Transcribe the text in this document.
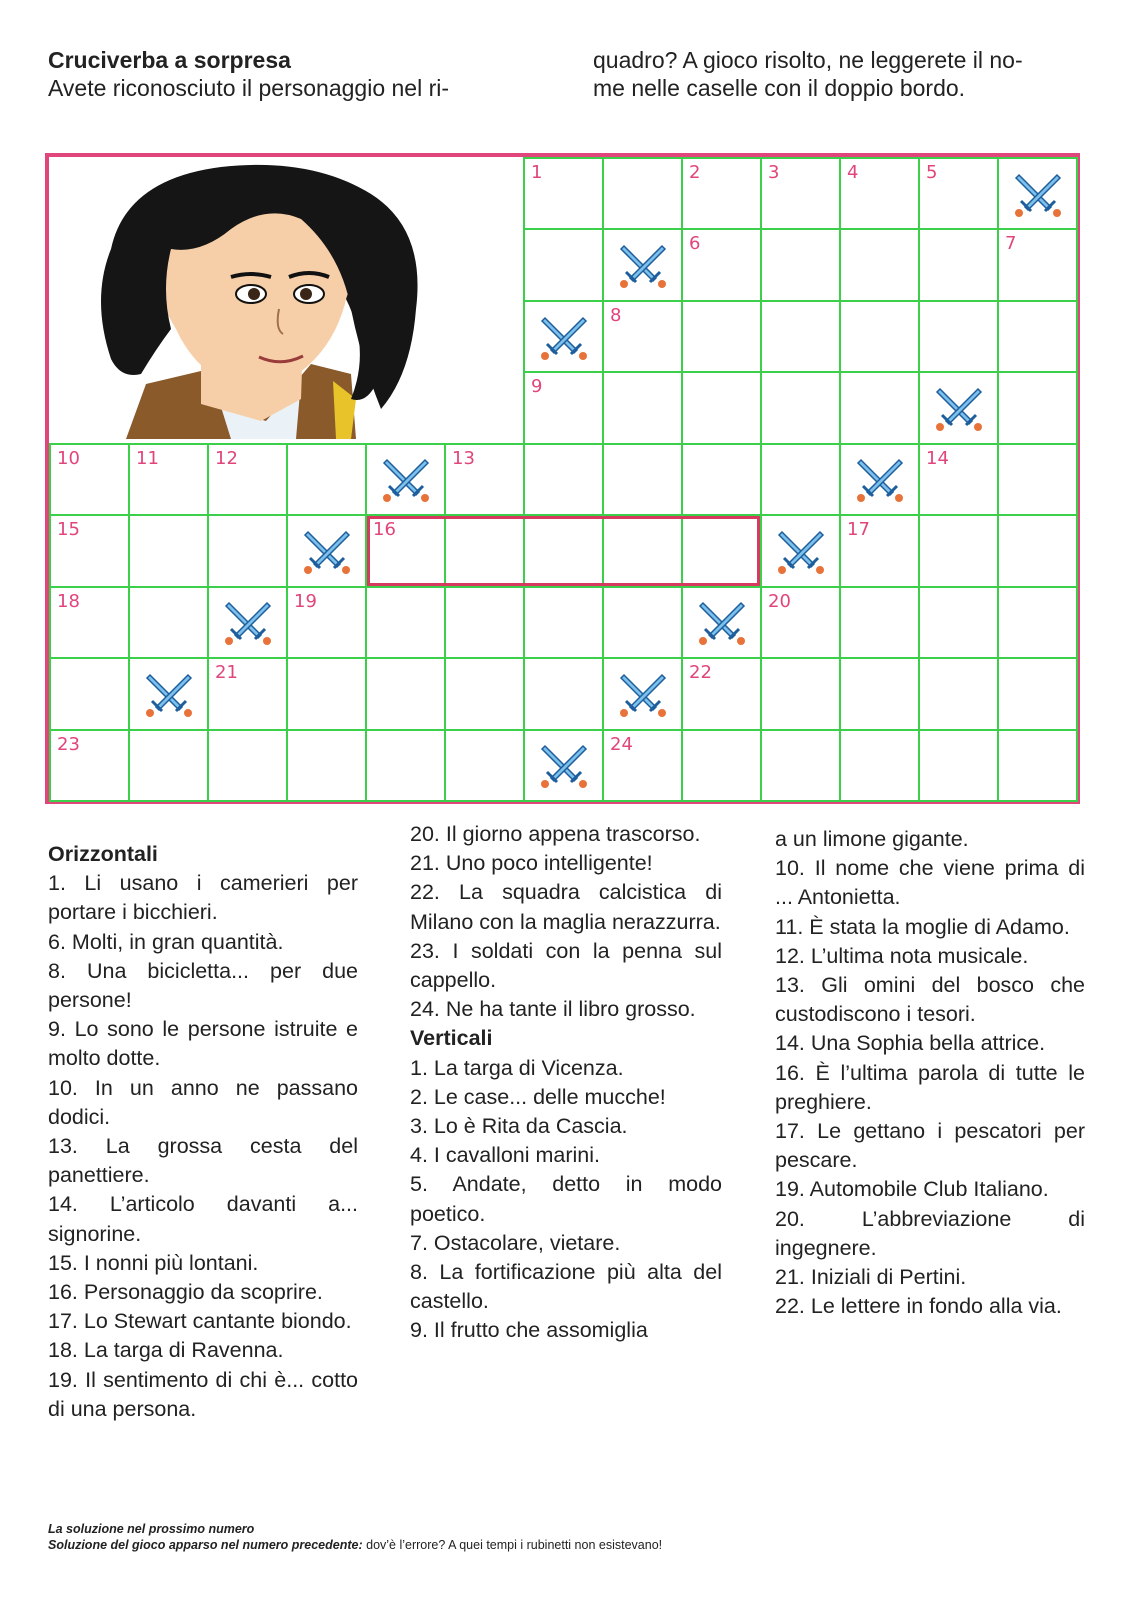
Cruciverba a sorpresa
Avete riconosciuto il personaggio nel ri-
quadro? A gioco risolto, ne leggerete il no-
me nelle caselle con il doppio bordo.
1	2	3	4	5
6	7
8
9
10	11	12	13	14
15	16	17
18	19	20
21	22
23	24
Orizzontali
1. Li usano i camerieri per portare i bicchieri.
6. Molti, in gran quantità.
8. Una bicicletta... per due persone!
9. Lo sono le persone istruite e molto dotte.
10. In un anno ne passano dodici.
13. La grossa cesta del panettiere.
14. L’articolo davanti a... signorine.
15. I nonni più lontani.
16. Personaggio da scoprire.
17. Lo Stewart cantante biondo.
18. La targa di Ravenna.
19. Il sentimento di chi è... cotto di una persona.
20. Il giorno appena trascorso.
21. Uno poco intelligente!
22. La squadra calcistica di Milano con la maglia nerazzurra.
23. I soldati con la penna sul cappello.
24. Ne ha tante il libro grosso.
Verticali
1. La targa di Vicenza.
2. Le case... delle mucche!
3. Lo è Rita da Cascia.
4. I cavalloni marini.
5. Andate, detto in modo poetico.
7. Ostacolare, vietare.
8. La fortificazione più alta del castello.
9. Il frutto che assomiglia
a un limone gigante.
10. Il nome che viene prima di ... Antonietta.
11. È stata la moglie di Adamo.
12. L’ultima nota musicale.
13. Gli omini del bosco che custodiscono i tesori.
14. Una Sophia bella attrice.
16. È l’ultima parola di tutte le preghiere.
17. Le gettano i pescatori per pescare.
19. Automobile Club Italiano.
20. L’abbreviazione di ingegnere.
21. Iniziali di Pertini.
22. Le lettere in fondo alla via.
La soluzione nel prossimo numero
Soluzione del gioco apparso nel numero precedente: dov’è l’errore? A quei tempi i rubinetti non esistevano!
